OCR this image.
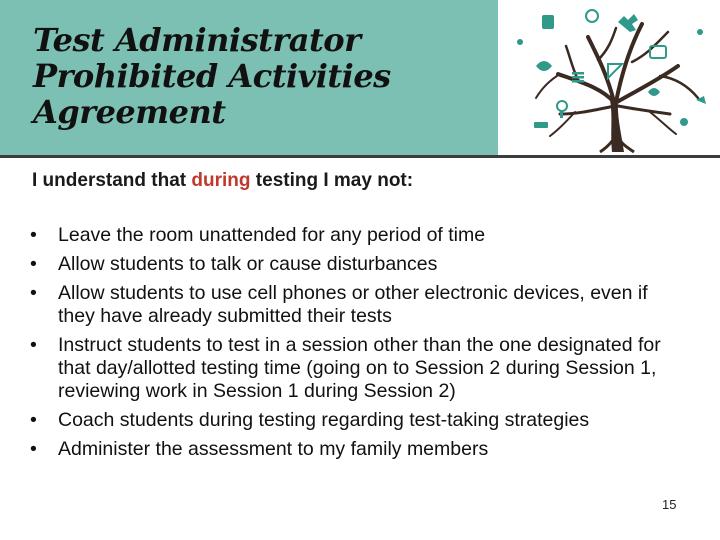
Test Administrator
Prohibited Activities
Agreement

I understand that during testing I may not:

• Leave the room unattended for any period of time
• Allow students to talk or cause disturbances
• Allow students to use cell phones or other electronic devices, even if they have already submitted their tests
• Instruct students to test in a session other than the one designated for that day/allotted testing time (going on to Session 2 during Session 1, reviewing work in Session 1 during Session 2)
• Coach students during testing regarding test-taking strategies
• Administer the assessment to my family members
15
